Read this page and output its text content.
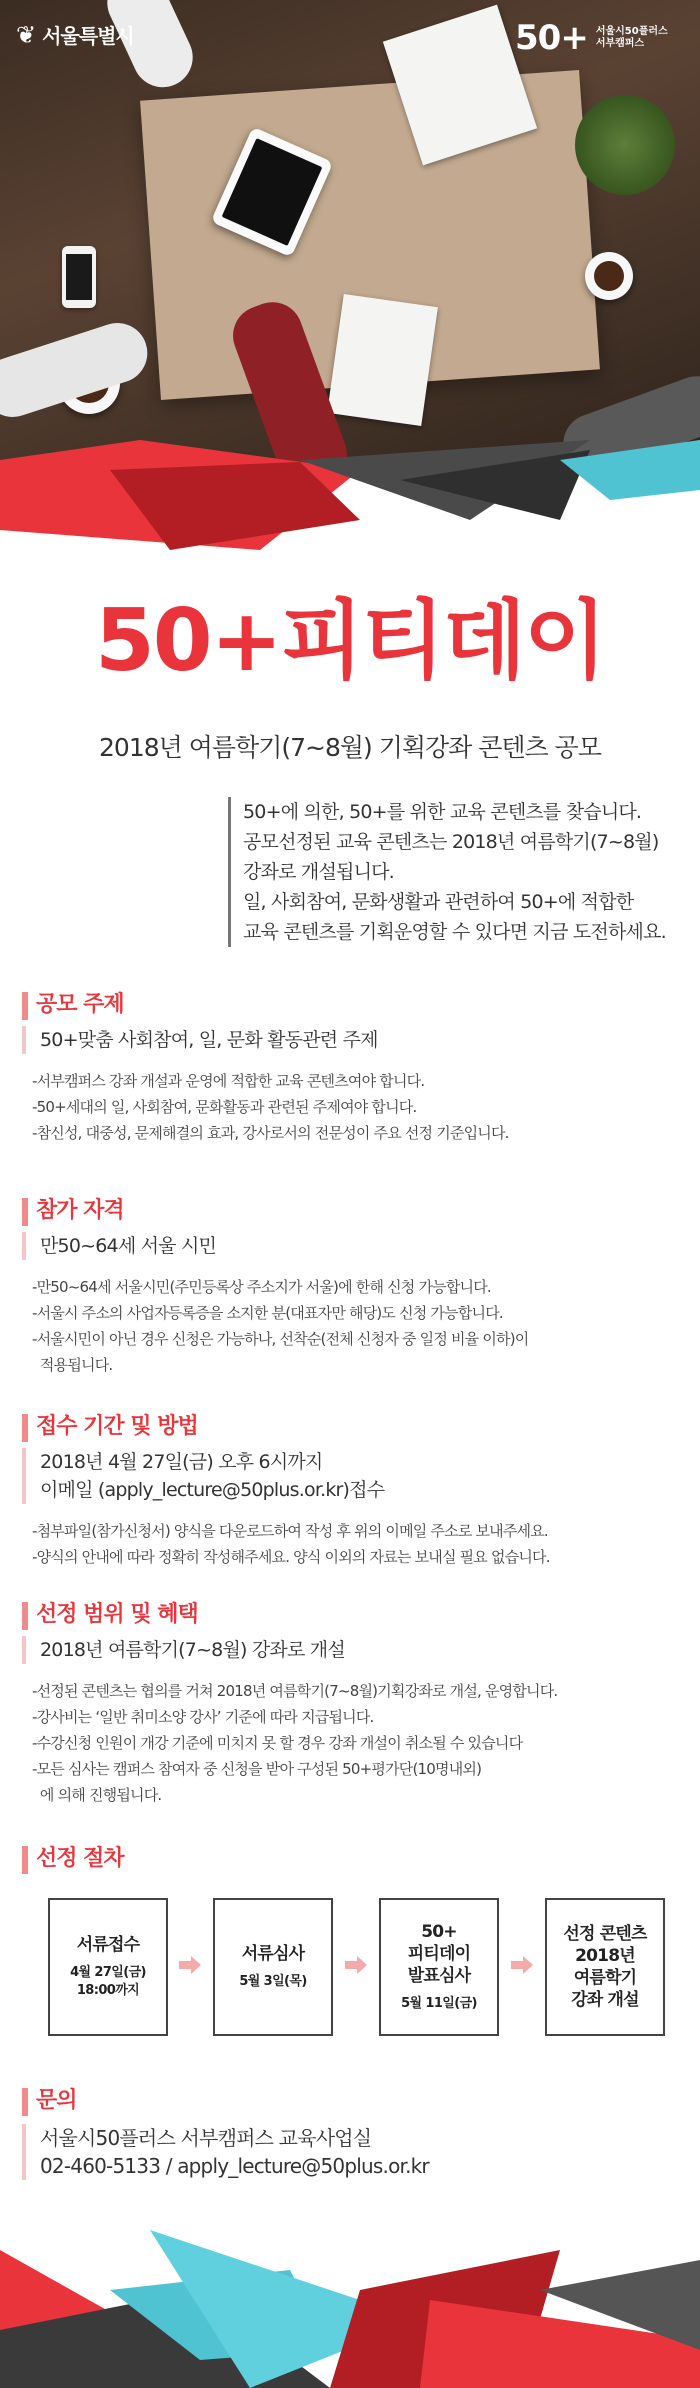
❦ 서울특별시	50+ 서울시50플러스
서부캠퍼스
50+피티데이
2018년 여름학기(7~8월) 기획강좌 콘텐츠 공모

50+에 의한, 50+를 위한 교육 콘텐츠를 찾습니다.

공모선정된 교육 콘텐츠는 2018년 여름학기(7~8월)

강좌로 개설됩니다.

일, 사회참여, 문화생활과 관련하여 50+에 적합한

교육 콘텐츠를 기획운영할 수 있다면 지금 도전하세요.

공모 주제

50+맞춤 사회참여, 일, 문화 활동관련 주제

-서부캠퍼스 강좌 개설과 운영에 적합한 교육 콘텐츠여야 합니다.

-50+세대의 일, 사회참여, 문화활동과 관련된 주제여야 합니다.

-참신성, 대중성, 문제해결의 효과, 강사로서의 전문성이 주요 선정 기준입니다.

참가 자격

만50~64세 서울 시민

-만50~64세 서울시민(주민등록상 주소지가 서울)에 한해 신청 가능합니다.

-서울시 주소의 사업자등록증을 소지한 분(대표자만 해당)도 신청 가능합니다.

-서울시민이 아닌 경우 신청은 가능하나, 선착순(전체 신청자 중 일정 비율 이하)이

적용됩니다.

접수 기간 및 방법

2018년 4월 27일(금) 오후 6시까지

이메일 (apply_lecture@50plus.or.kr)접수

-첨부파일(참가신청서) 양식을 다운로드하여 작성 후 위의 이메일 주소로 보내주세요.

-양식의 안내에 따라 정확히 작성해주세요. 양식 이외의 자료는 보내실 필요 없습니다.

선정 범위 및 혜택

2018년 여름학기(7~8월) 강좌로 개설

-선정된 콘텐츠는 협의를 거쳐 2018년 여름학기(7~8월)기획강좌로 개설, 운영합니다.

-강사비는 ‘일반 취미소양 강사’ 기준에 따라 지급됩니다.

-수강신청 인원이 개강 기준에 미치지 못 할 경우 강좌 개설이 취소될 수 있습니다

-모든 심사는 캠퍼스 참여자 중 신청을 받아 구성된 50+평가단(10명내외)

에 의해 진행됩니다.

선정 절차
서류접수
4월 27일(금)
18:00까지
서류심사
5월 3일(목)
50+
피티데이
발표심사
5월 11일(금)
선정 콘텐츠
2018년
여름학기
강좌 개설
문의

서울시50플러스 서부캠퍼스 교육사업실

02-460-5133 / apply_lecture@50plus.or.kr
